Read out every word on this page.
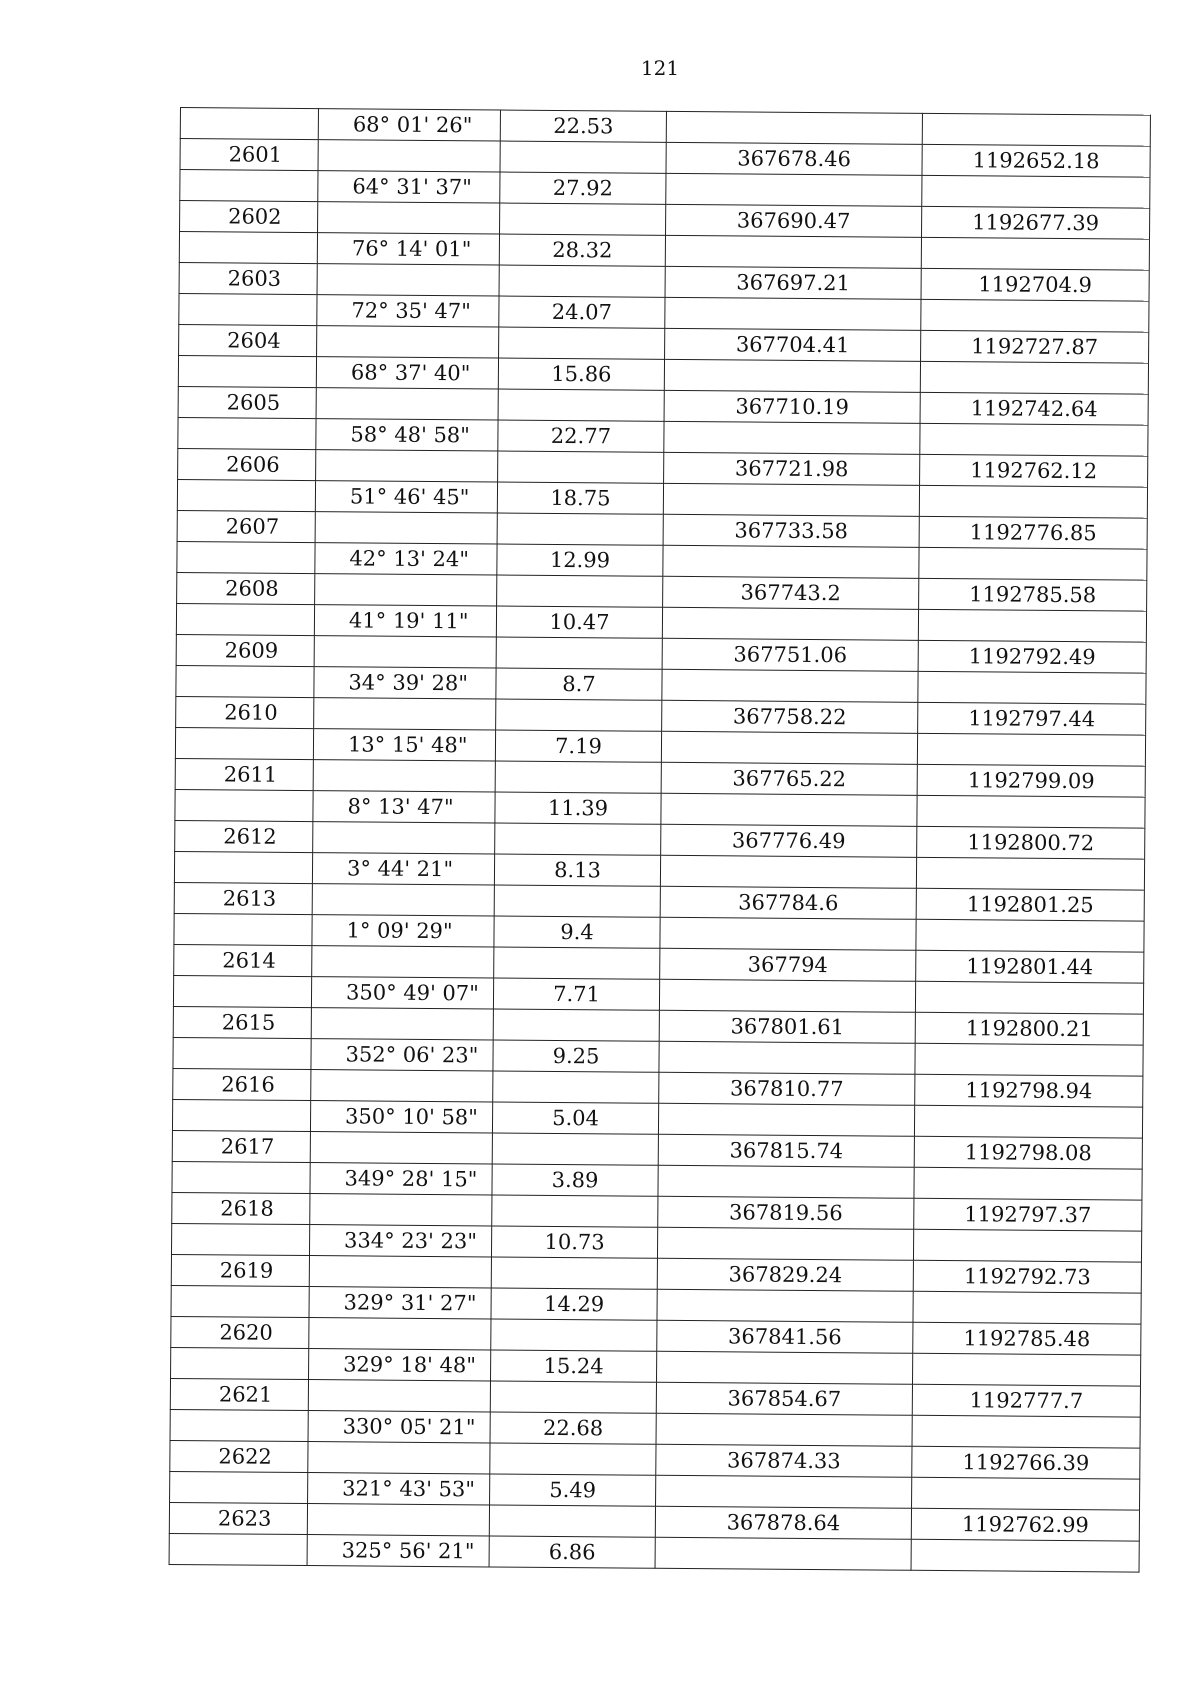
121
	68° 01' 26"	22.53		
2601			367678.46	1192652.18
	64° 31' 37"	27.92		
2602			367690.47	1192677.39
	76° 14' 01"	28.32		
2603			367697.21	1192704.9
	72° 35' 47"	24.07		
2604			367704.41	1192727.87
	68° 37' 40"	15.86		
2605			367710.19	1192742.64
	58° 48' 58"	22.77		
2606			367721.98	1192762.12
	51° 46' 45"	18.75		
2607			367733.58	1192776.85
	42° 13' 24"	12.99		
2608			367743.2	1192785.58
	41° 19' 11"	10.47		
2609			367751.06	1192792.49
	34° 39' 28"	8.7		
2610			367758.22	1192797.44
	13° 15' 48"	7.19		
2611			367765.22	1192799.09
	8° 13' 47"	11.39		
2612			367776.49	1192800.72
	3° 44' 21"	8.13		
2613			367784.6	1192801.25
	1° 09' 29"	9.4		
2614			367794	1192801.44
	350° 49' 07"	7.71		
2615			367801.61	1192800.21
	352° 06' 23"	9.25		
2616			367810.77	1192798.94
	350° 10' 58"	5.04		
2617			367815.74	1192798.08
	349° 28' 15"	3.89		
2618			367819.56	1192797.37
	334° 23' 23"	10.73		
2619			367829.24	1192792.73
	329° 31' 27"	14.29		
2620			367841.56	1192785.48
	329° 18' 48"	15.24		
2621			367854.67	1192777.7
	330° 05' 21"	22.68		
2622			367874.33	1192766.39
	321° 43' 53"	5.49		
2623			367878.64	1192762.99
	325° 56' 21"	6.86		
